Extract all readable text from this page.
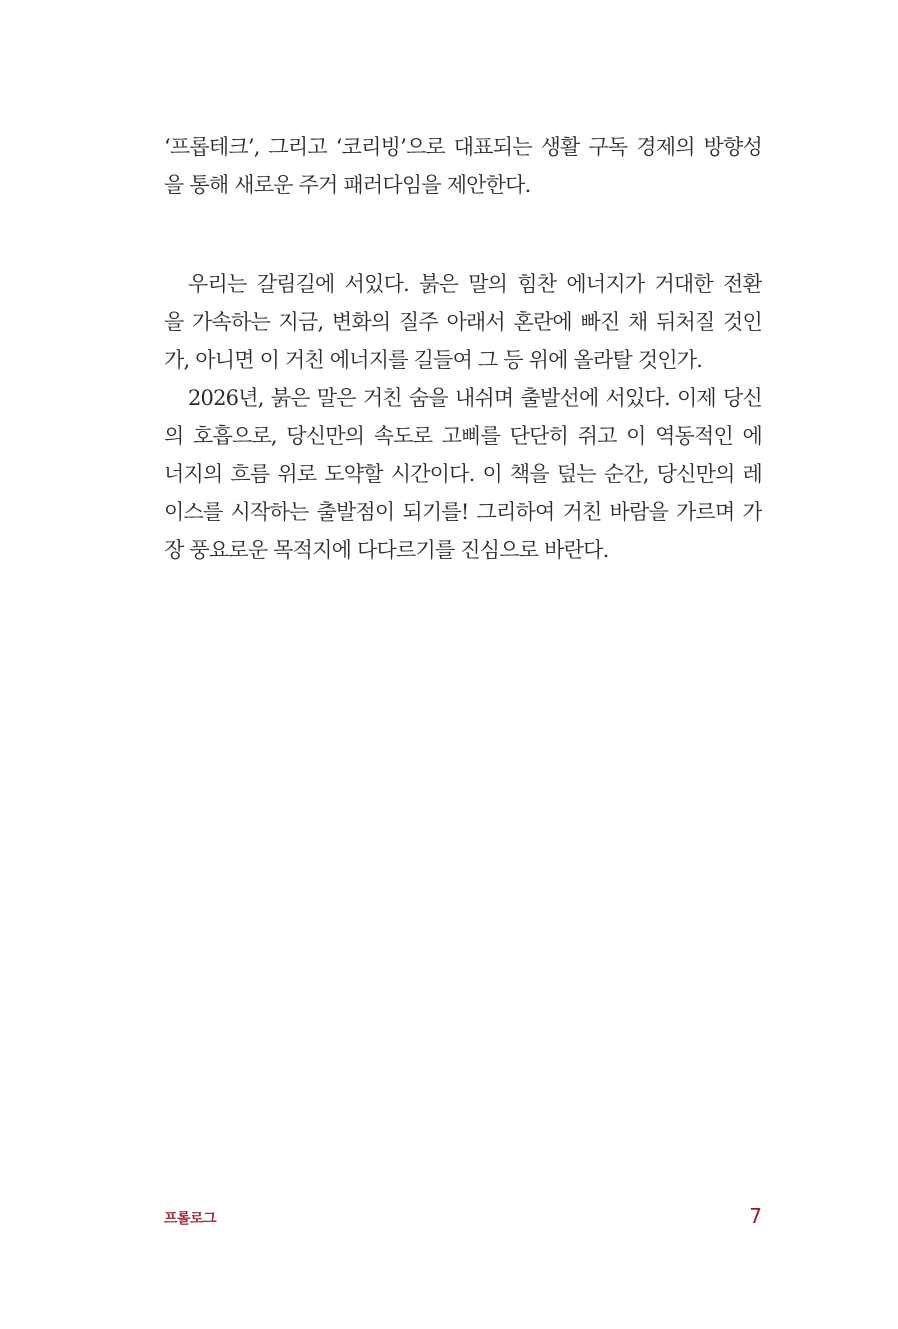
‘프롭테크’, 그리고 ‘코리빙’으로 대표되는 생활 구독 경제의 방향성
을 통해 새로운 주거 패러다임을 제안한다.
우리는 갈림길에 서있다. 붉은 말의 힘찬 에너지가 거대한 전환
을 가속하는 지금, 변화의 질주 아래서 혼란에 빠진 채 뒤처질 것인
가, 아니면 이 거친 에너지를 길들여 그 등 위에 올라탈 것인가.
2026년, 붉은 말은 거친 숨을 내쉬며 출발선에 서있다. 이제 당신
의 호흡으로, 당신만의 속도로 고삐를 단단히 쥐고 이 역동적인 에
너지의 흐름 위로 도약할 시간이다. 이 책을 덮는 순간, 당신만의 레
이스를 시작하는 출발점이 되기를! 그리하여 거친 바람을 가르며 가
장 풍요로운 목적지에 다다르기를 진심으로 바란다.
프롤로그	7
